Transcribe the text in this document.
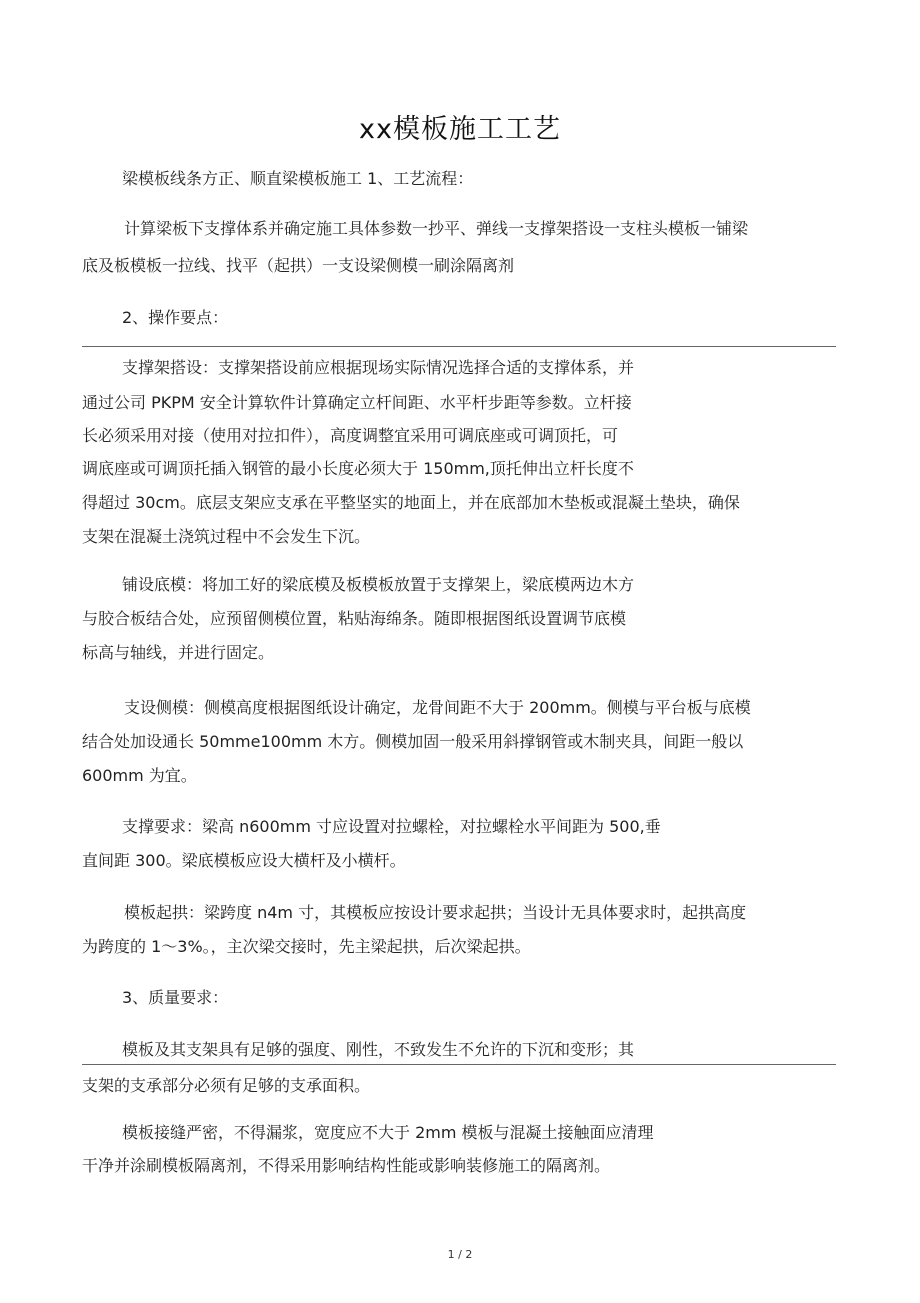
xx模板施工工艺
梁模板线条方正、顺直梁模板施工 1、工艺流程：
计算梁板下支撑体系并确定施工具体参数一抄平、弹线一支撑架搭设一支柱头模板一铺梁
底及板模板一拉线、找平（起拱）一支设梁侧模一刷涂隔离剂
2、操作要点：
支撑架搭设：支撑架搭设前应根据现场实际情况选择合适的支撑体系，并
通过公司 PKPM 安全计算软件计算确定立杆间距、水平杆步距等参数。立杆接
长必须采用对接（使用对拉扣件），高度调整宜采用可调底座或可调顶托，可
调底座或可调顶托插入钢管的最小长度必须大于 150mm,顶托伸出立杆长度不
得超过 30cm。底层支架应支承在平整坚实的地面上，并在底部加木垫板或混凝土垫块，确保
支架在混凝土浇筑过程中不会发生下沉。
铺设底模：将加工好的梁底模及板模板放置于支撑架上，梁底模两边木方
与胶合板结合处，应预留侧模位置，粘贴海绵条。随即根据图纸设置调节底模
标高与轴线，并进行固定。
支设侧模：侧模高度根据图纸设计确定，龙骨间距不大于 200mm。侧模与平台板与底模
结合处加设通长 50mme100mm 木方。侧模加固一般采用斜撑钢管或木制夹具，间距一般以
600mm 为宜。
支撑要求：梁高 n600mm 寸应设置对拉螺栓，对拉螺栓水平间距为 500,垂
直间距 300。梁底模板应设大横杆及小横杆。
模板起拱：梁跨度 n4m 寸，其模板应按设计要求起拱；当设计无具体要求时，起拱高度
为跨度的 1〜3%。，主次梁交接时，先主梁起拱，后次梁起拱。
3、质量要求：
模板及其支架具有足够的强度、刚性，不致发生不允许的下沉和变形；其
支架的支承部分必须有足够的支承面积。
模板接缝严密，不得漏浆，宽度应不大于 2mm 模板与混凝土接触面应清理
干净并涂刷模板隔离剂，不得采用影响结构性能或影响装修施工的隔离剂。
1 / 2
